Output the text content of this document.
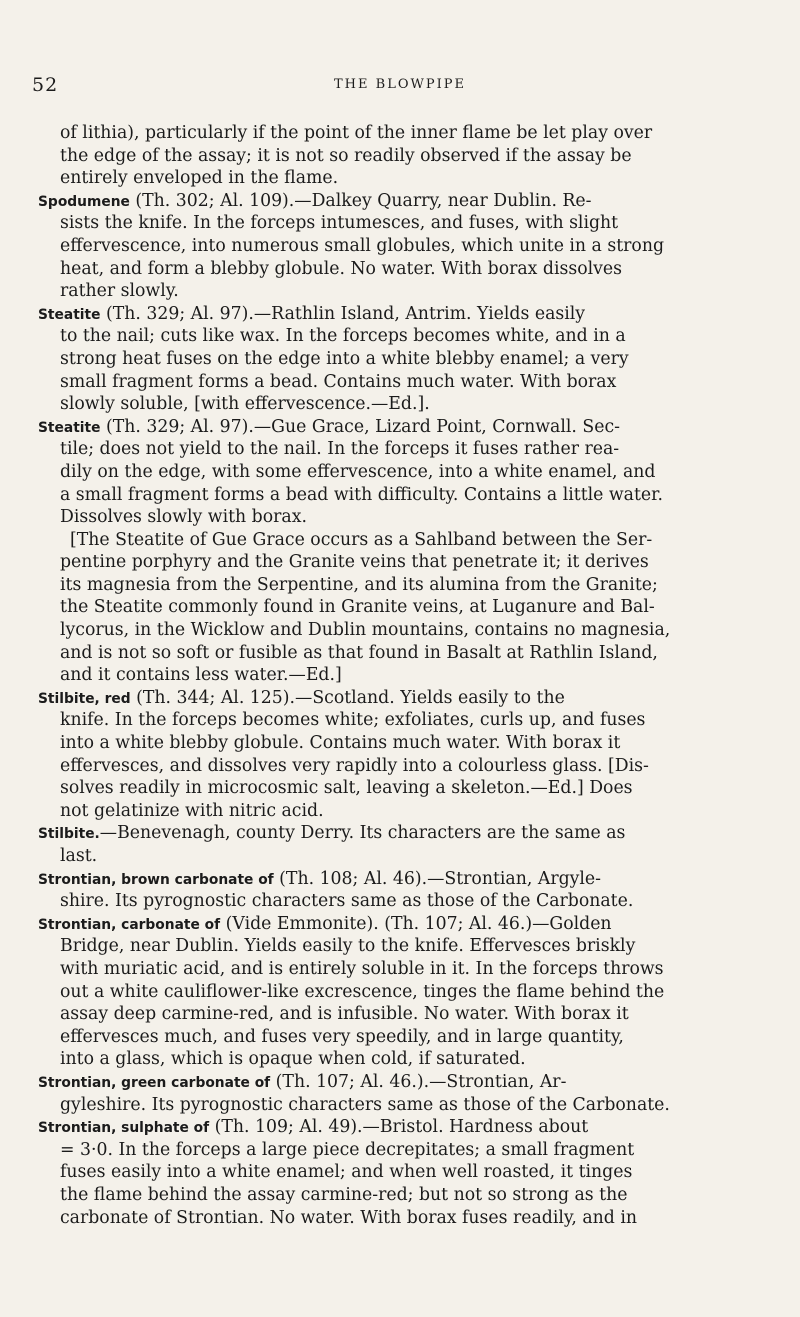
52	THE BLOWPIPE
of lithia), particularly if the point of the inner flame be let play over
the edge of the assay; it is not so readily observed if the assay be
entirely enveloped in the flame.
Spodumene (Th. 302; Al. 109).—Dalkey Quarry, near Dublin. Re-
sists the knife. In the forceps intumesces, and fuses, with slight
effervescence, into numerous small globules, which unite in a strong
heat, and form a blebby globule. No water. With borax dissolves
rather slowly.
Steatite (Th. 329; Al. 97).—Rathlin Island, Antrim. Yields easily
to the nail; cuts like wax. In the forceps becomes white, and in a
strong heat fuses on the edge into a white blebby enamel; a very
small fragment forms a bead. Contains much water. With borax
slowly soluble, [with effervescence.—Ed.].
Steatite (Th. 329; Al. 97).—Gue Grace, Lizard Point, Cornwall. Sec-
tile; does not yield to the nail. In the forceps it fuses rather rea-
dily on the edge, with some effervescence, into a white enamel, and
a small fragment forms a bead with difficulty. Contains a little water.
Dissolves slowly with borax.
[The Steatite of Gue Grace occurs as a Sahlband between the Ser-
pentine porphyry and the Granite veins that penetrate it; it derives
its magnesia from the Serpentine, and its alumina from the Granite;
the Steatite commonly found in Granite veins, at Luganure and Bal-
lycorus, in the Wicklow and Dublin mountains, contains no magnesia,
and is not so soft or fusible as that found in Basalt at Rathlin Island,
and it contains less water.—Ed.]
Stilbite, red (Th. 344; Al. 125).—Scotland. Yields easily to the
knife. In the forceps becomes white; exfoliates, curls up, and fuses
into a white blebby globule. Contains much water. With borax it
effervesces, and dissolves very rapidly into a colourless glass. [Dis-
solves readily in microcosmic salt, leaving a skeleton.—Ed.] Does
not gelatinize with nitric acid.
Stilbite.—Benevenagh, county Derry. Its characters are the same as
last.
Strontian, brown carbonate of (Th. 108; Al. 46).—Strontian, Argyle-
shire. Its pyrognostic characters same as those of the Carbonate.
Strontian, carbonate of (Vide Emmonite). (Th. 107; Al. 46.)—Golden
Bridge, near Dublin. Yields easily to the knife. Effervesces briskly
with muriatic acid, and is entirely soluble in it. In the forceps throws
out a white cauliflower-like excrescence, tinges the flame behind the
assay deep carmine-red, and is infusible. No water. With borax it
effervesces much, and fuses very speedily, and in large quantity,
into a glass, which is opaque when cold, if saturated.
Strontian, green carbonate of (Th. 107; Al. 46.).—Strontian, Ar-
gyleshire. Its pyrognostic characters same as those of the Carbonate.
Strontian, sulphate of (Th. 109; Al. 49).—Bristol. Hardness about
= 3·0. In the forceps a large piece decrepitates; a small fragment
fuses easily into a white enamel; and when well roasted, it tinges
the flame behind the assay carmine-red; but not so strong as the
carbonate of Strontian. No water. With borax fuses readily, and in
